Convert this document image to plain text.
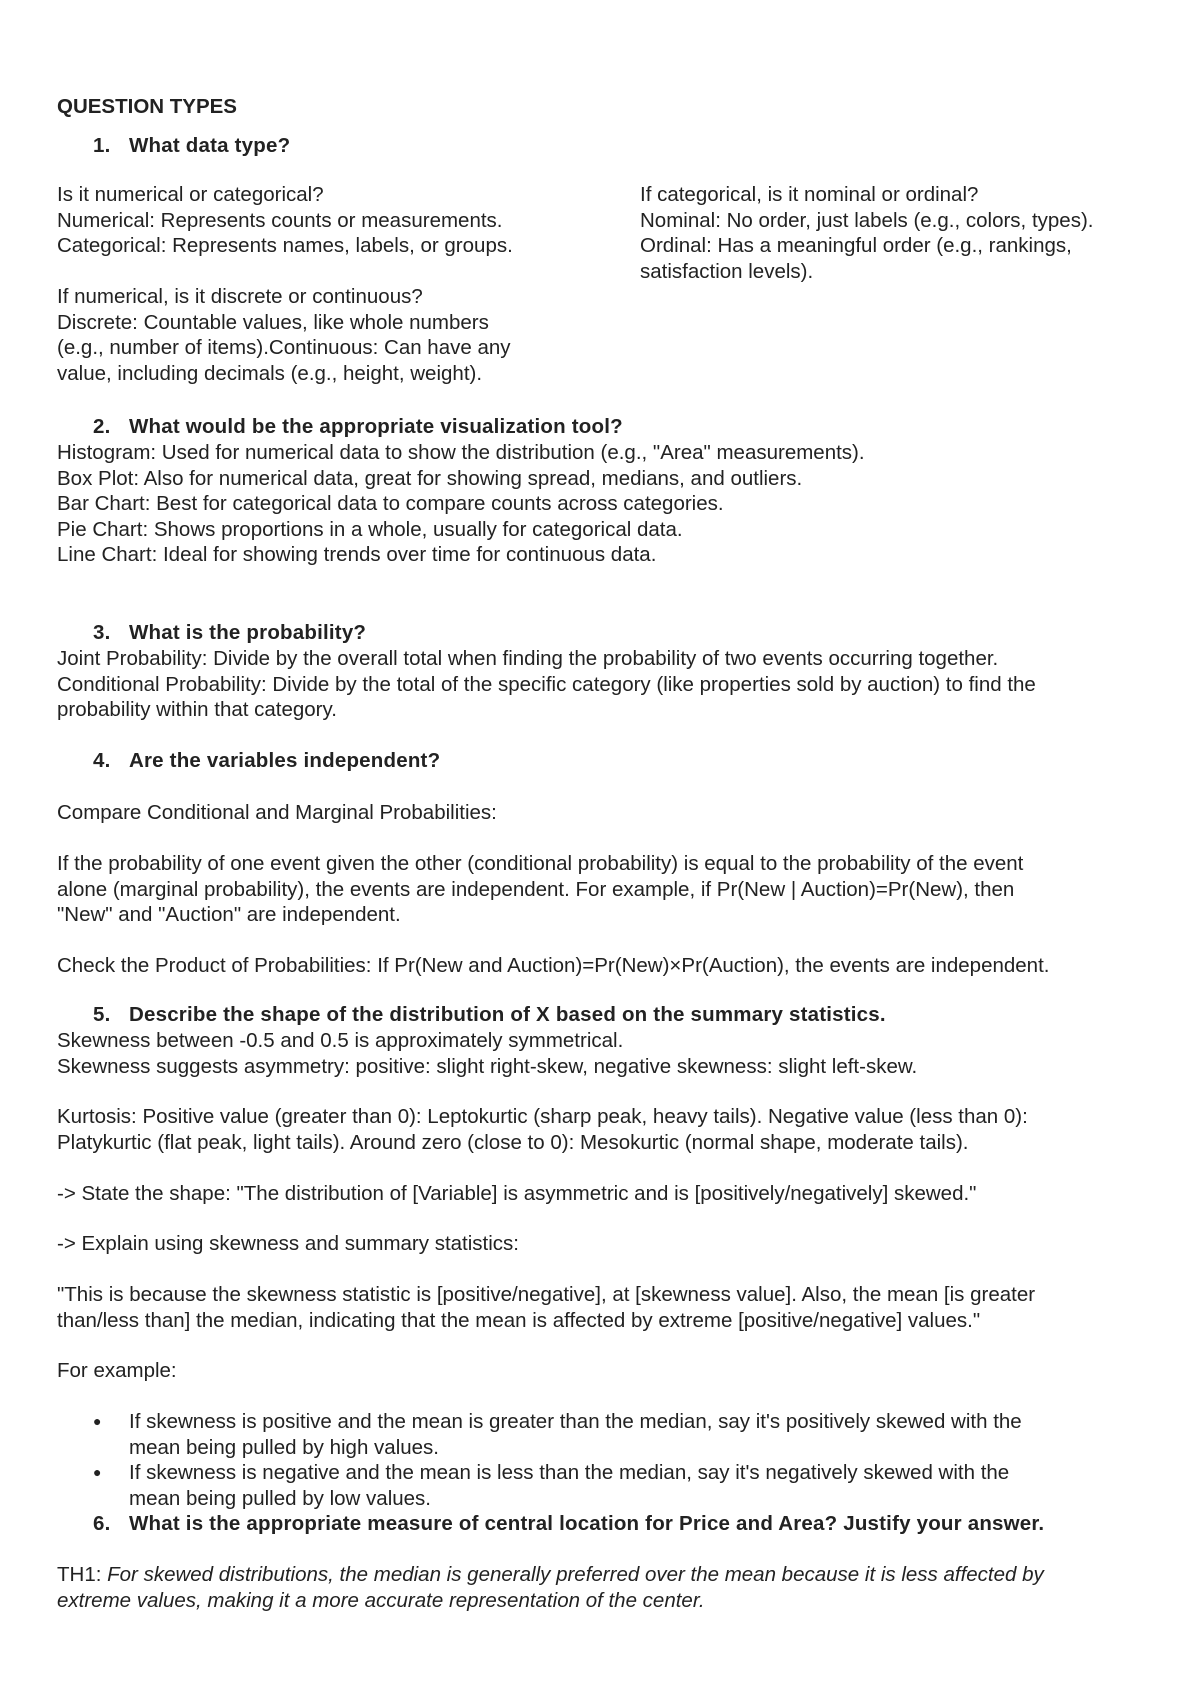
QUESTION TYPES
1. What data type?
Is it numerical or categorical?
Numerical: Represents counts or measurements.
Categorical: Represents names, labels, or groups.
If numerical, is it discrete or continuous?
Discrete: Countable values, like whole numbers
(e.g., number of items).Continuous: Can have any
value, including decimals (e.g., height, weight).
If categorical, is it nominal or ordinal?
Nominal: No order, just labels (e.g., colors, types).
Ordinal: Has a meaningful order (e.g., rankings,
satisfaction levels).
2. What would be the appropriate visualization tool?
Histogram: Used for numerical data to show the distribution (e.g., "Area" measurements).
Box Plot: Also for numerical data, great for showing spread, medians, and outliers.
Bar Chart: Best for categorical data to compare counts across categories.
Pie Chart: Shows proportions in a whole, usually for categorical data.
Line Chart: Ideal for showing trends over time for continuous data.
3. What is the probability?
Joint Probability: Divide by the overall total when finding the probability of two events occurring together.
Conditional Probability: Divide by the total of the specific category (like properties sold by auction) to find the
probability within that category.
4. Are the variables independent?
Compare Conditional and Marginal Probabilities:
If the probability of one event given the other (conditional probability) is equal to the probability of the event
alone (marginal probability), the events are independent. For example, if Pr(New | Auction)=Pr(New), then
"New" and "Auction" are independent.
Check the Product of Probabilities: If Pr(New and Auction)=Pr(New)×Pr(Auction), the events are independent.
5. Describe the shape of the distribution of X based on the summary statistics.
Skewness between -0.5 and 0.5 is approximately symmetrical.
Skewness suggests asymmetry: positive: slight right-skew, negative skewness: slight left-skew.
Kurtosis: Positive value (greater than 0): Leptokurtic (sharp peak, heavy tails). Negative value (less than 0):
Platykurtic (flat peak, light tails). Around zero (close to 0): Mesokurtic (normal shape, moderate tails).
-> State the shape: "The distribution of [Variable] is asymmetric and is [positively/negatively] skewed."
-> Explain using skewness and summary statistics:
"This is because the skewness statistic is [positive/negative], at [skewness value]. Also, the mean [is greater
than/less than] the median, indicating that the mean is affected by extreme [positive/negative] values."
For example:
● If skewness is positive and the mean is greater than the median, say it's positively skewed with the
mean being pulled by high values.
● If skewness is negative and the mean is less than the median, say it's negatively skewed with the
mean being pulled by low values.
6. What is the appropriate measure of central location for Price and Area? Justify your answer.
TH1: For skewed distributions, the median is generally preferred over the mean because it is less affected by
extreme values, making it a more accurate representation of the center.
